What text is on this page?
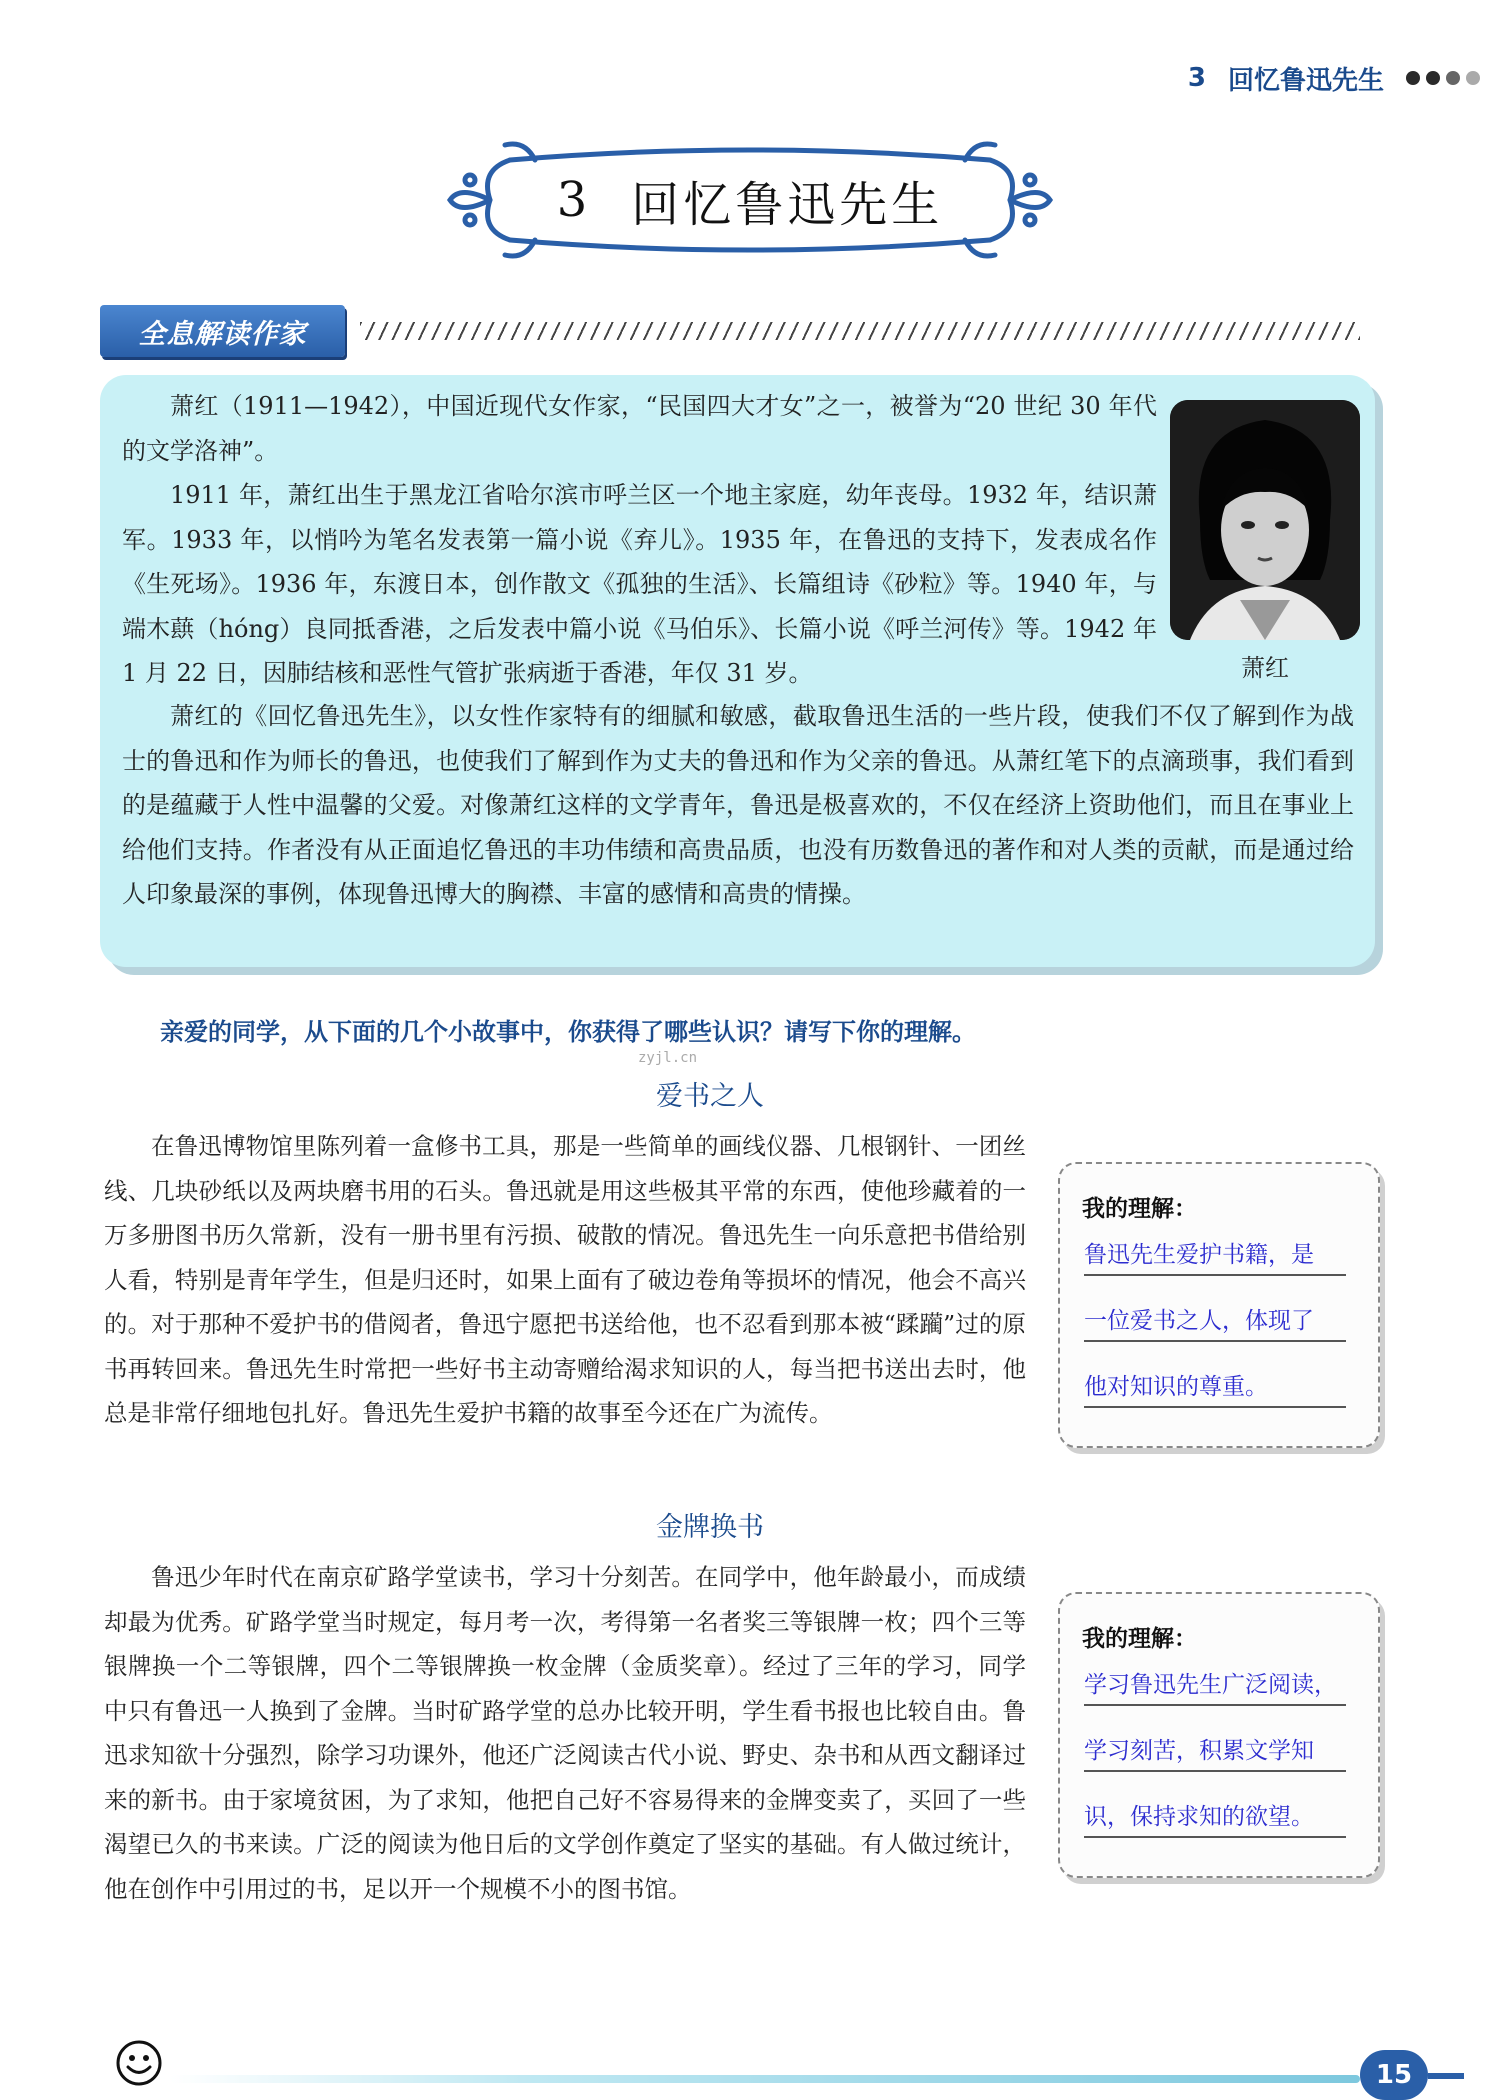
3 回忆鲁迅先生
3 回忆鲁迅先生
全息解读作家

萧红（1911—1942），中国近现代女作家，“民国四大才女”之一，被誉为“20 世纪 30 年代的文学洛神”。

1911 年，萧红出生于黑龙江省哈尔滨市呼兰区一个地主家庭，幼年丧母。1932 年，结识萧军。1933 年，以悄吟为笔名发表第一篇小说《弃儿》。1935 年，在鲁迅的支持下，发表成名作《生死场》。1936 年，东渡日本，创作散文《孤独的生活》、长篇组诗《砂粒》等。1940 年，与端木蕻（hóng）良同抵香港，之后发表中篇小说《马伯乐》、长篇小说《呼兰河传》等。1942 年 1 月 22 日，因肺结核和恶性气管扩张病逝于香港，年仅 31 岁。	萧红

萧红的《回忆鲁迅先生》，以女性作家特有的细腻和敏感，截取鲁迅生活的一些片段，使我们不仅了解到作为战士的鲁迅和作为师长的鲁迅，也使我们了解到作为丈夫的鲁迅和作为父亲的鲁迅。从萧红笔下的点滴琐事，我们看到的是蕴藏于人性中温馨的父爱。对像萧红这样的文学青年，鲁迅是极喜欢的，不仅在经济上资助他们，而且在事业上给他们支持。作者没有从正面追忆鲁迅的丰功伟绩和高贵品质，也没有历数鲁迅的著作和对人类的贡献，而是通过给人印象最深的事例，体现鲁迅博大的胸襟、丰富的感情和高贵的情操。

亲爱的同学，从下面的几个小故事中，你获得了哪些认识？请写下你的理解。
zyjl.cn
爱书之人

在鲁迅博物馆里陈列着一盒修书工具，那是一些简单的画线仪器、几根钢针、一团丝线、几块砂纸以及两块磨书用的石头。鲁迅就是用这些极其平常的东西，使他珍藏着的一万多册图书历久常新，没有一册书里有污损、破散的情况。鲁迅先生一向乐意把书借给别人看，特别是青年学生，但是归还时，如果上面有了破边卷角等损坏的情况，他会不高兴的。对于那种不爱护书的借阅者，鲁迅宁愿把书送给他，也不忍看到那本被“蹂躏”过的原书再转回来。鲁迅先生时常把一些好书主动寄赠给渴求知识的人，每当把书送出去时，他总是非常仔细地包扎好。鲁迅先生爱护书籍的故事至今还在广为流传。

我的理解：
鲁迅先生爱护书籍，是
一位爱书之人，体现了
他对知识的尊重。
金牌换书

鲁迅少年时代在南京矿路学堂读书，学习十分刻苦。在同学中，他年龄最小，而成绩却最为优秀。矿路学堂当时规定，每月考一次，考得第一名者奖三等银牌一枚；四个三等银牌换一个二等银牌，四个二等银牌换一枚金牌（金质奖章）。经过了三年的学习，同学中只有鲁迅一人换到了金牌。当时矿路学堂的总办比较开明，学生看书报也比较自由。鲁迅求知欲十分强烈，除学习功课外，他还广泛阅读古代小说、野史、杂书和从西文翻译过来的新书。由于家境贫困，为了求知，他把自己好不容易得来的金牌变卖了，买回了一些渴望已久的书来读。广泛的阅读为他日后的文学创作奠定了坚实的基础。有人做过统计，他在创作中引用过的书，足以开一个规模不小的图书馆。

我的理解：
学习鲁迅先生广泛阅读，
学习刻苦，积累文学知
识，保持求知的欲望。
15
